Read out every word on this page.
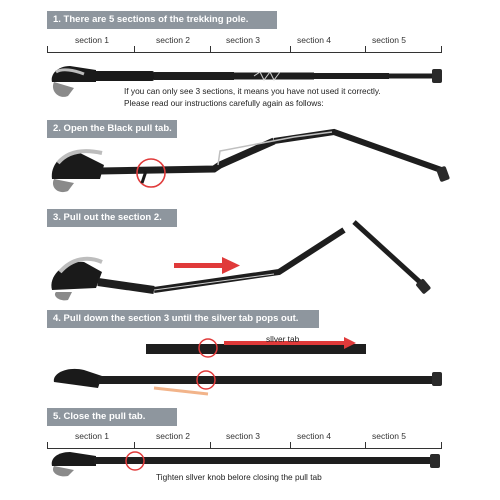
1. There are 5 sections of the trekking pole.
section 1	section 2	section 3	section 4	section 5
If you can only see 3 sections, it means you have not used it correctly.
Please read our instructions carefully again as follows:
2. Open the Black pull tab.
3. Pull out the section 2.
4. Pull down the section 3 until the silver tab pops out.
sllver tab
5. Close the pull tab.
section 1	section 2	section 3	section 4	section 5
Tighten sllver knob belore closing the pull tab
